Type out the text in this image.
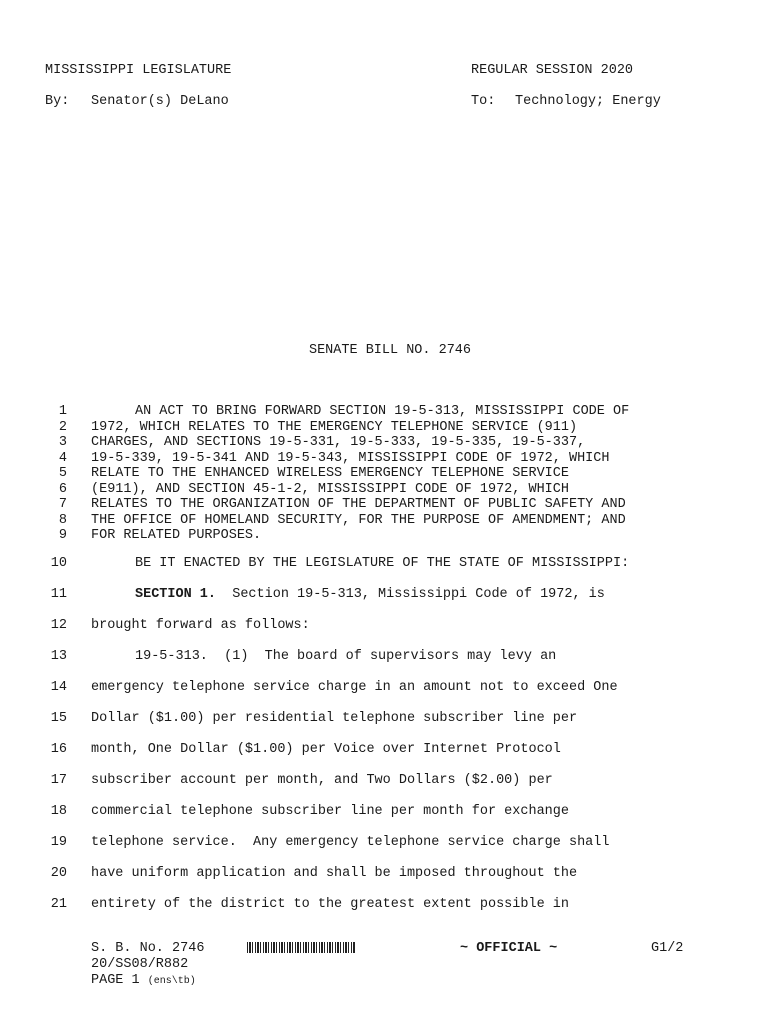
MISSISSIPPI LEGISLATURE	REGULAR SESSION 2020
By: Senator(s) DeLano	To: Technology; Energy
SENATE BILL NO. 2746
1	AN ACT TO BRING FORWARD SECTION 19-5-313, MISSISSIPPI CODE OF
2 1972, WHICH RELATES TO THE EMERGENCY TELEPHONE SERVICE (911)
3 CHARGES, AND SECTIONS 19-5-331, 19-5-333, 19-5-335, 19-5-337,
4 19-5-339, 19-5-341 AND 19-5-343, MISSISSIPPI CODE OF 1972, WHICH
5 RELATE TO THE ENHANCED WIRELESS EMERGENCY TELEPHONE SERVICE
6 (E911), AND SECTION 45-1-2, MISSISSIPPI CODE OF 1972, WHICH
7 RELATES TO THE ORGANIZATION OF THE DEPARTMENT OF PUBLIC SAFETY AND
8 THE OFFICE OF HOMELAND SECURITY, FOR THE PURPOSE OF AMENDMENT; AND
9 FOR RELATED PURPOSES.
10	BE IT ENACTED BY THE LEGISLATURE OF THE STATE OF MISSISSIPPI:
11	SECTION 1.  Section 19-5-313, Mississippi Code of 1972, is
12 brought forward as follows:
13	19-5-313.  (1)  The board of supervisors may levy an
14 emergency telephone service charge in an amount not to exceed One
15 Dollar ($1.00) per residential telephone subscriber line per
16 month, One Dollar ($1.00) per Voice over Internet Protocol
17 subscriber account per month, and Two Dollars ($2.00) per
18 commercial telephone subscriber line per month for exchange
19 telephone service.  Any emergency telephone service charge shall
20 have uniform application and shall be imposed throughout the
21 entirety of the district to the greatest extent possible in
S. B. No. 2746	~ OFFICIAL ~	G1/2
20/SS08/R882
PAGE 1 (ens\tb)
